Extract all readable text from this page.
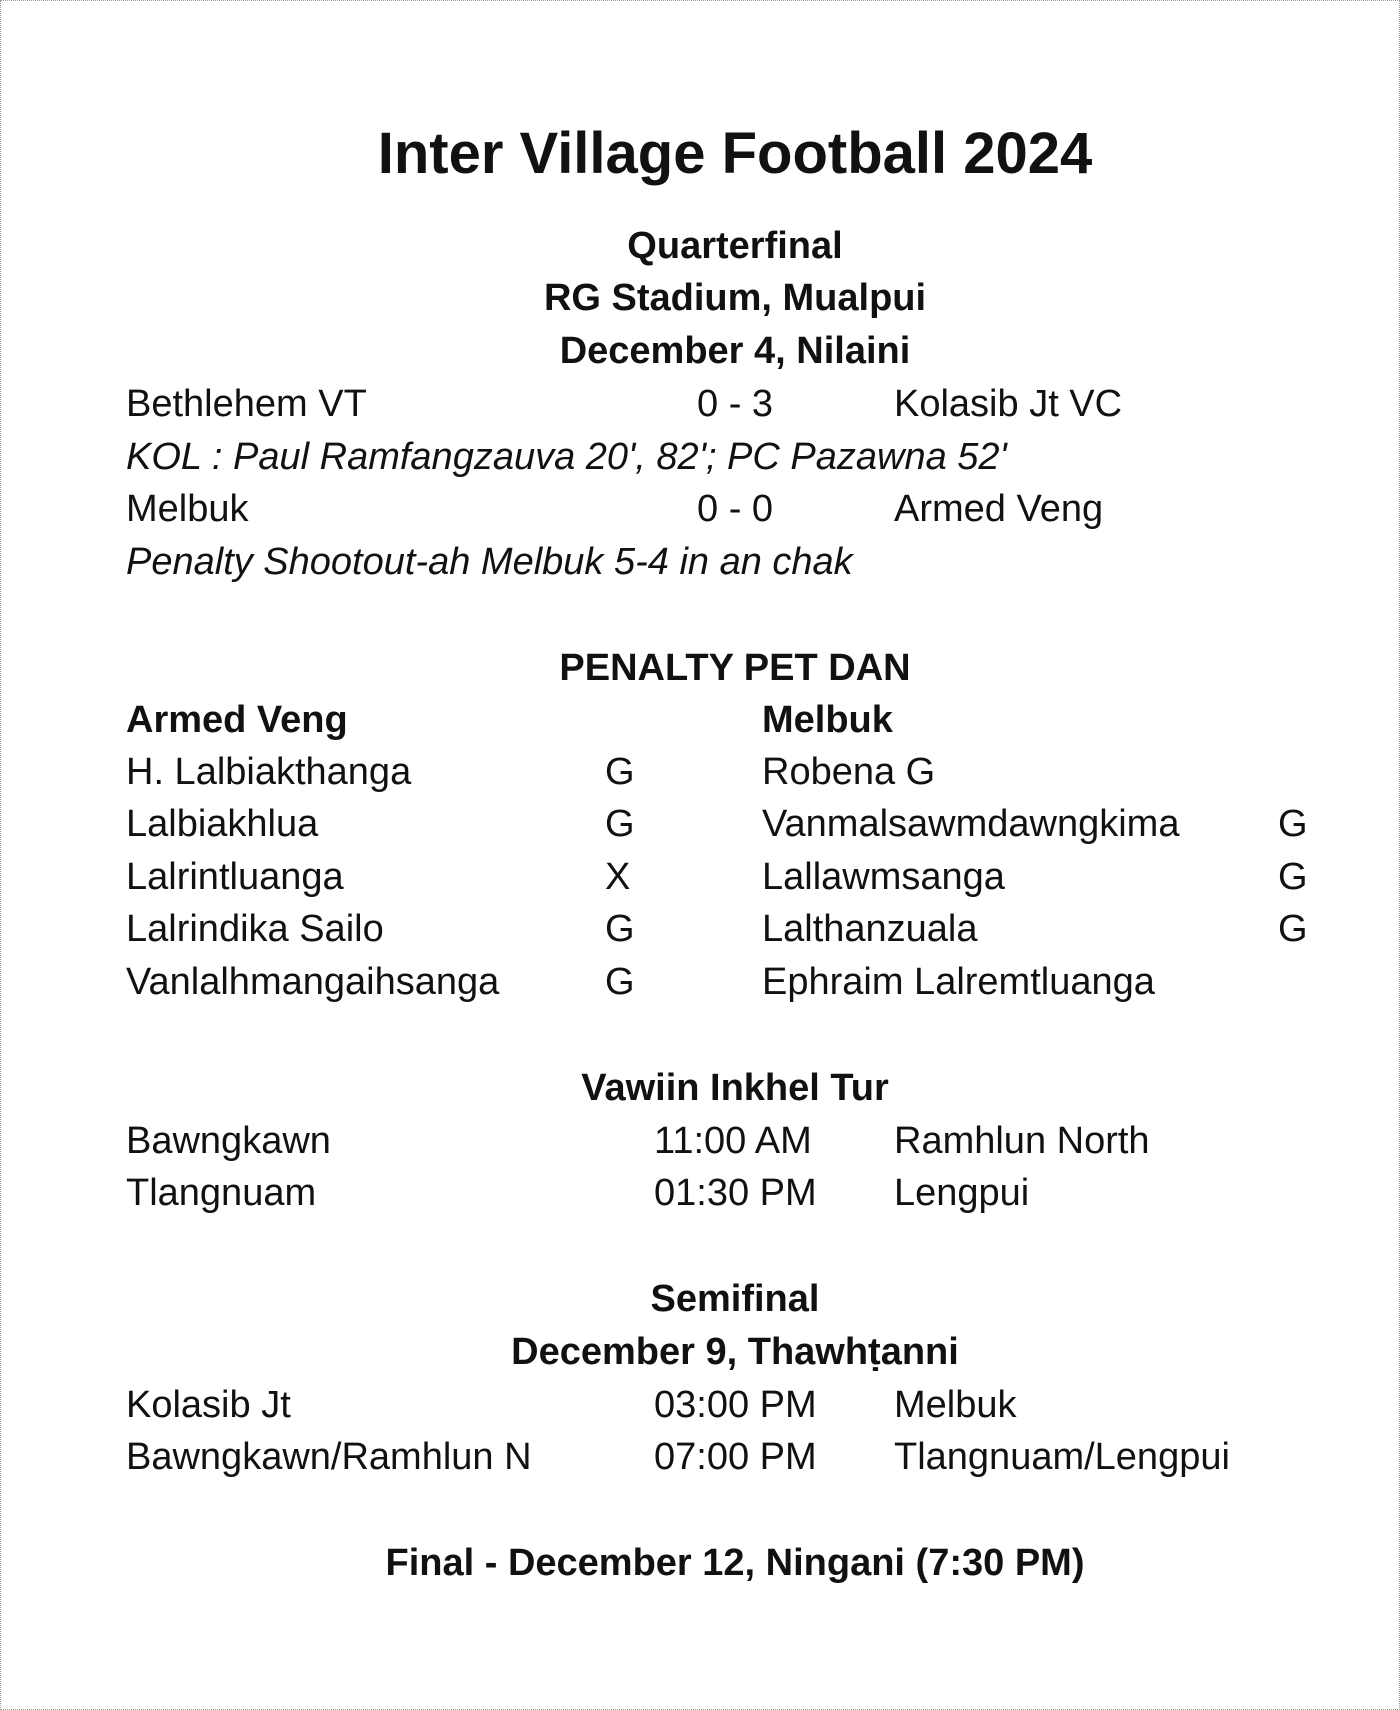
Inter Village Football 2024
Quarterfinal
RG Stadium, Mualpui
December 4, Nilaini
Bethlehem VT	0 - 3	Kolasib Jt VC
KOL : Paul Ramfangzauva 20', 82'; PC Pazawna 52'
Melbuk	0 - 0	Armed Veng
Penalty Shootout-ah Melbuk 5-4 in an chak
PENALTY PET DAN
Armed Veng	Melbuk
H. Lalbiakthanga	G	Robena G
Lalbiakhlua	G	Vanmalsawmdawngkima	G
Lalrintluanga	X	Lallawmsanga	G
Lalrindika Sailo	G	Lalthanzuala	G
Vanlalhmangaihsanga	G	Ephraim Lalremtluanga
Vawiin Inkhel Tur
Bawngkawn	11:00 AM Ramhlun North
Tlangnuam	01:30 PM Lengpui
Semifinal
December 9, Thawhṭanni
Kolasib Jt	03:00 PM Melbuk
Bawngkawn/Ramhlun N	07:00 PM Tlangnuam/Lengpui
Final - December 12, Ningani (7:30 PM)
